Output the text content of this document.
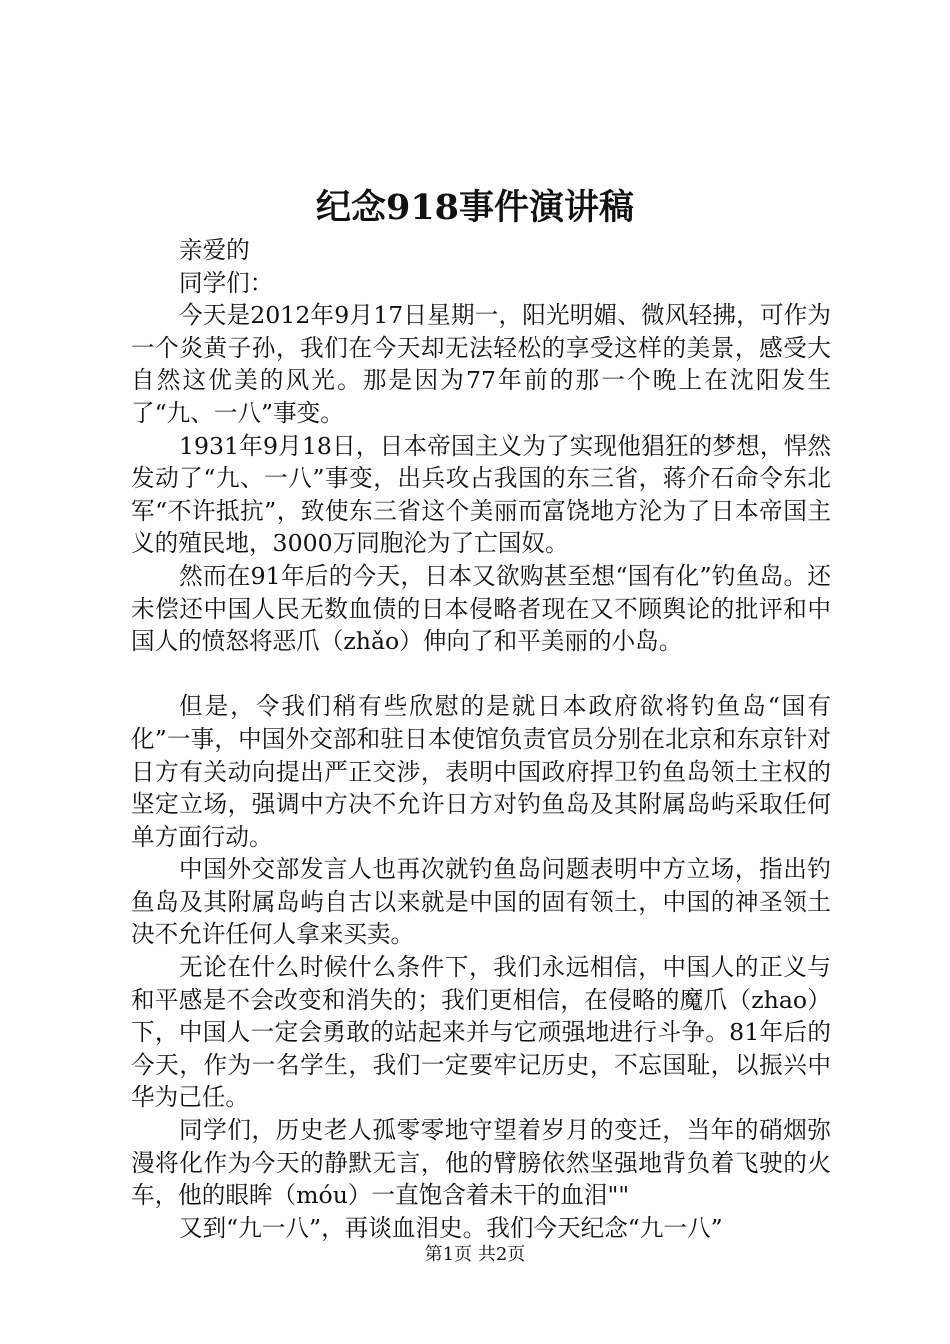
纪念918事件演讲稿

亲爱的

同学们：

今天是2012年9月17日星期一，阳光明媚、微风轻拂，可作为一个炎黄子孙，我们在今天却无法轻松的享受这样的美景，感受大自然这优美的风光。那是因为77年前的那一个晚上在沈阳发生了“九、一八”事变。

1931年9月18日，日本帝国主义为了实现他猖狂的梦想，悍然发动了“九、一八”事变，出兵攻占我国的东三省，蒋介石命令东北军“不许抵抗”，致使东三省这个美丽而富饶地方沦为了日本帝国主义的殖民地，3000万同胞沦为了亡国奴。

然而在91年后的今天，日本又欲购甚至想“国有化”钓鱼岛。还未偿还中国人民无数血债的日本侵略者现在又不顾舆论的批评和中国人的愤怒将恶爪（zhǎo）伸向了和平美丽的小岛。

但是，令我们稍有些欣慰的是就日本政府欲将钓鱼岛“国有化”一事，中国外交部和驻日本使馆负责官员分别在北京和东京针对日方有关动向提出严正交涉，表明中国政府捍卫钓鱼岛领土主权的坚定立场，强调中方决不允许日方对钓鱼岛及其附属岛屿采取任何单方面行动。

中国外交部发言人也再次就钓鱼岛问题表明中方立场，指出钓鱼岛及其附属岛屿自古以来就是中国的固有领土，中国的神圣领土决不允许任何人拿来买卖。

无论在什么时候什么条件下，我们永远相信，中国人的正义与和平感是不会改变和消失的；我们更相信，在侵略的魔爪（zhao）下，中国人一定会勇敢的站起来并与它顽强地进行斗争。81年后的今天，作为一名学生，我们一定要牢记历史，不忘国耻，以振兴中华为己任。

同学们，历史老人孤零零地守望着岁月的变迁，当年的硝烟弥漫将化作为今天的静默无言，他的臂膀依然坚强地背负着飞驶的火车，他的眼眸（móu）一直饱含着未干的血泪""

又到“九一八”，再谈血泪史。我们今天纪念“九一八”

第1页 共2页
